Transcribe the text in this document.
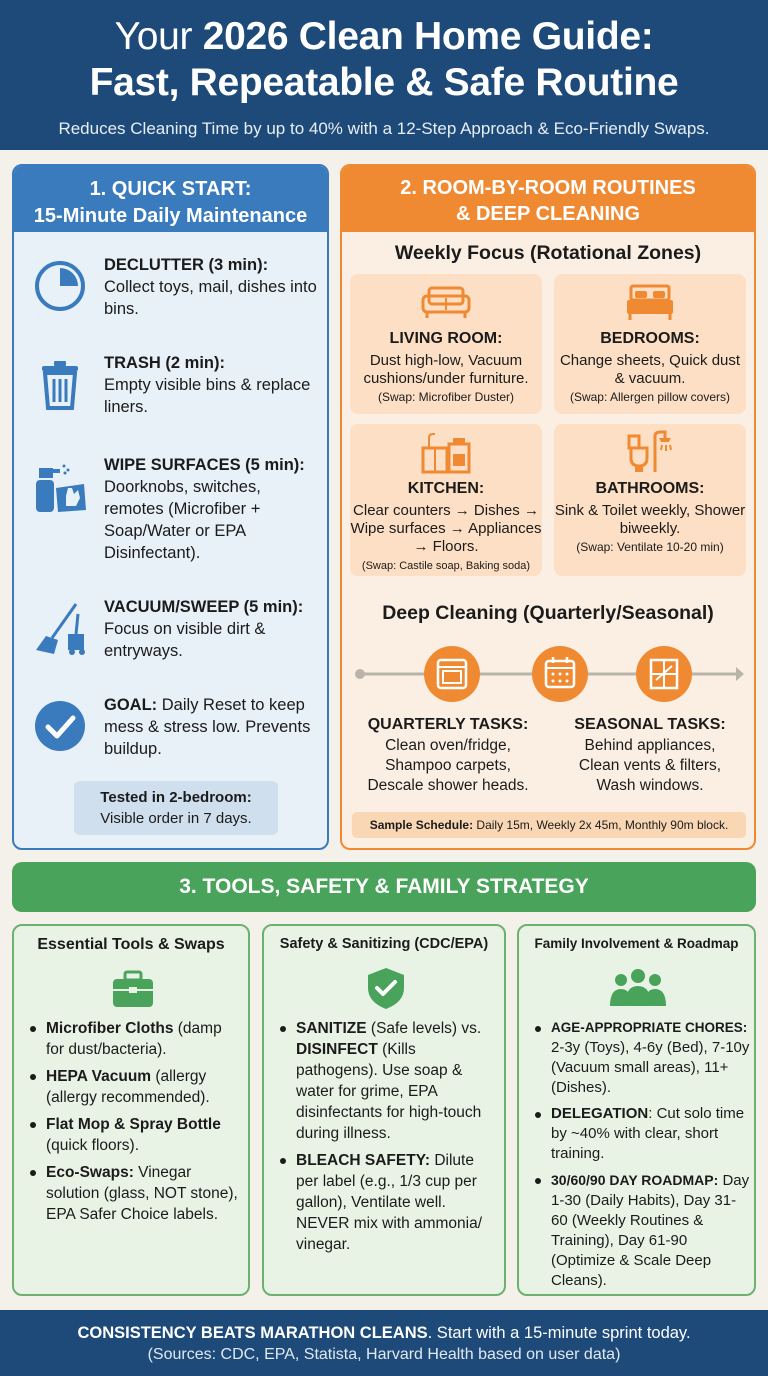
Your 2026 Clean Home Guide:
Fast, Repeatable & Safe Routine
Reduces Cleaning Time by up to 40% with a 12-Step Approach & Eco-Friendly Swaps.
1. QUICK START:
15-Minute Daily Maintenance
DECLUTTER (3 min):
Collect toys, mail, dishes into bins.
TRASH (2 min):
Empty visible bins & replace liners.
WIPE SURFACES (5 min):
Doorknobs, switches, remotes (Microfiber + Soap/Water or EPA Disinfectant).
VACUUM/SWEEP (5 min):
Focus on visible dirt & entryways.
GOAL: Daily Reset to keep mess & stress low. Prevents buildup.
Tested in 2-bedroom:
Visible order in 7 days.
2. ROOM-BY-ROOM ROUTINES
& DEEP CLEANING
Weekly Focus (Rotational Zones)
LIVING ROOM:
Dust high-low, Vacuum cushions/under furniture.
(Swap: Microfiber Duster)
BEDROOMS:
Change sheets, Quick dust & vacuum.
(Swap: Allergen pillow covers)
KITCHEN:
Clear counters → Dishes → Wipe surfaces → Appliances → Floors.
(Swap: Castile soap, Baking soda)
BATHROOMS:
Sink & Toilet weekly, Shower biweekly.
(Swap: Ventilate 10-20 min)
Deep Cleaning (Quarterly/Seasonal)
QUARTERLY TASKS:
Clean oven/fridge,
Shampoo carpets,
Descale shower heads.
SEASONAL TASKS:
Behind appliances,
Clean vents & filters,
Wash windows.
Sample Schedule: Daily 15m, Weekly 2x 45m, Monthly 90m block.
3. TOOLS, SAFETY & FAMILY STRATEGY
Essential Tools & Swaps
Microfiber Cloths (damp for dust/bacteria).
HEPA Vacuum (allergy (allergy recommended).
Flat Mop & Spray Bottle (quick floors).
Eco-Swaps: Vinegar solution (glass, NOT stone), EPA Safer Choice labels.
Safety & Sanitizing (CDC/EPA)
SANITIZE (Safe levels) vs. DISINFECT (Kills pathogens). Use soap & water for grime, EPA disinfectants for high-touch during illness.
BLEACH SAFETY: Dilute per label (e.g., 1/3 cup per gallon), Ventilate well. NEVER mix with ammonia/ vinegar.
Family Involvement & Roadmap
AGE-APPROPRIATE CHORES: 2-3y (Toys), 4-6y (Bed), 7-10y (Vacuum small areas), 11+ (Dishes).
DELEGATION: Cut solo time by ~40% with clear, short training.
30/60/90 DAY ROADMAP: Day 1-30 (Daily Habits), Day 31-60 (Weekly Routines & Training), Day 61-90 (Optimize & Scale Deep Cleans).
CONSISTENCY BEATS MARATHON CLEANS. Start with a 15-minute sprint today.
(Sources: CDC, EPA, Statista, Harvard Health based on user data)
